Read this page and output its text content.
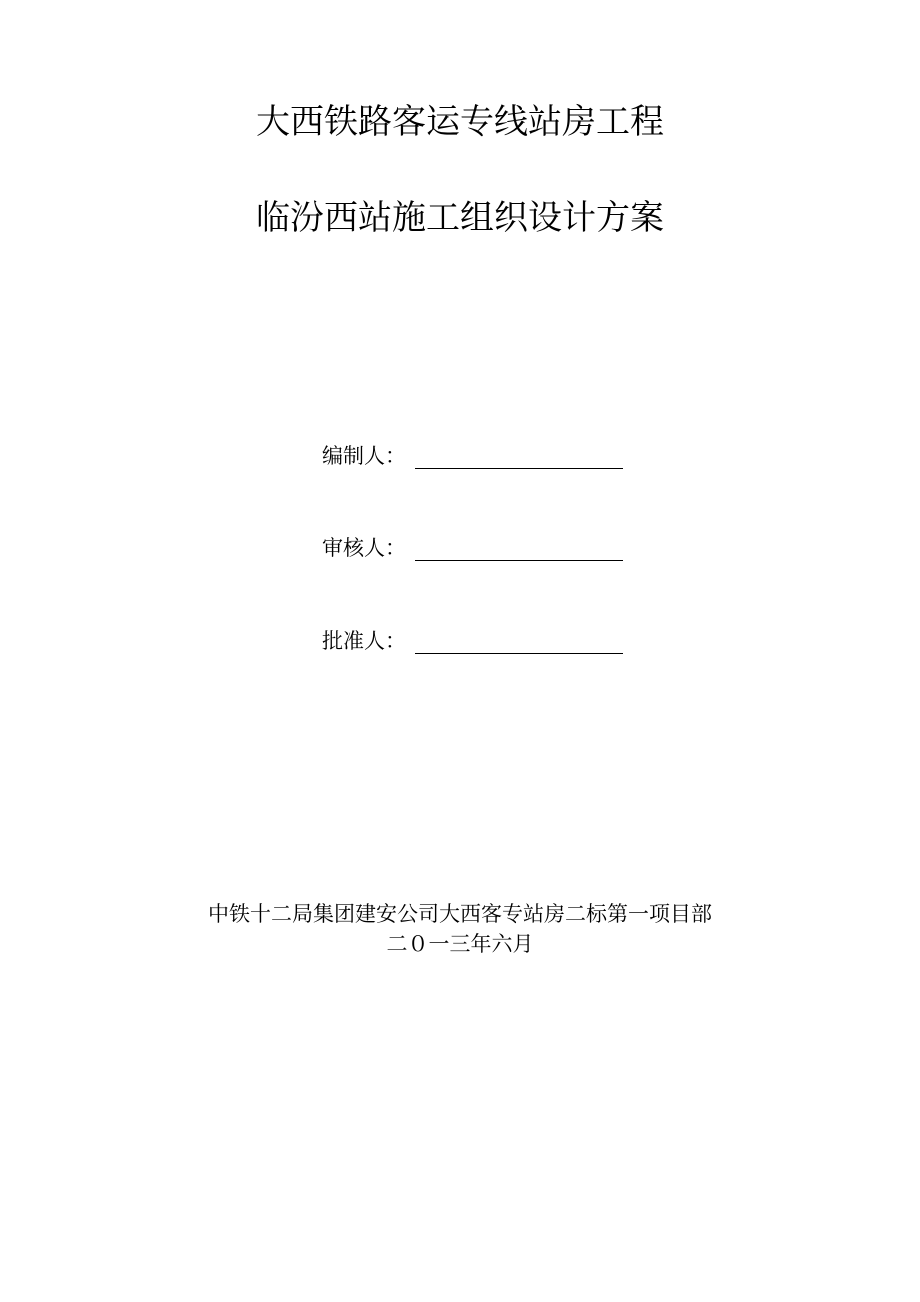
大西铁路客运专线站房工程
临汾西站施工组织设计方案
编制人：
审核人：
批准人：
中铁十二局集团建安公司大西客专站房二标第一项目部
二０一三年六月
